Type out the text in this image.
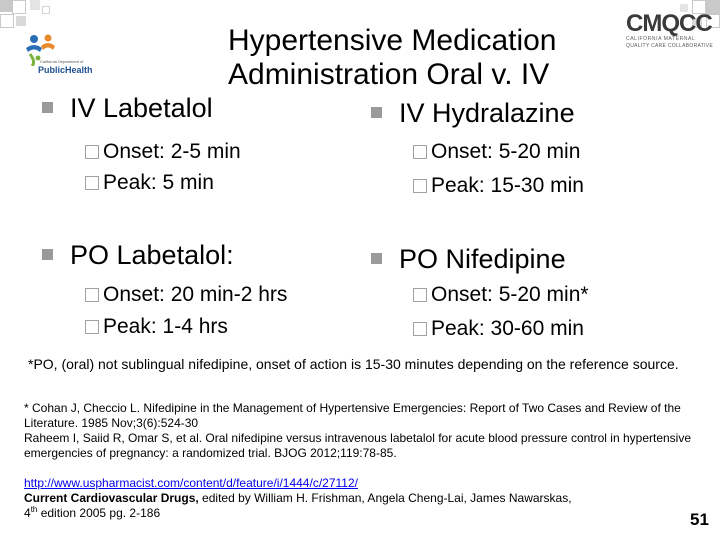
California Department of
PublicHealth
CMQCC
CALIFORNIA MATERNAL
QUALITY CARE COLLABORATIVE
Hypertensive Medication
Administration Oral v. IV
IV Labetalol
Onset: 2-5 min
Peak: 5 min
PO Labetalol:
Onset: 20 min-2 hrs
Peak: 1-4 hrs
IV Hydralazine
Onset: 5-20 min
Peak: 15-30 min
PO Nifedipine
Onset: 5-20 min*
Peak: 30-60 min
*PO, (oral) not sublingual nifedipine, onset of action is 15-30 minutes depending on the reference source.
* Cohan J, Checcio L. Nifedipine in the Management of Hypertensive Emergencies: Report of Two Cases and Review of the Literature. 1985 Nov;3(6):524-30
Raheem I, Saiid R, Omar S, et al. Oral nifedipine versus intravenous labetalol for acute blood pressure control in hypertensive emergencies of pregnancy: a randomized trial. BJOG 2012;119:78-85.
http://www.uspharmacist.com/content/d/feature/i/1444/c/27112/
Current Cardiovascular Drugs, edited by William H. Frishman, Angela Cheng-Lai, James Nawarskas,
4th edition 2005 pg. 2-186	51
